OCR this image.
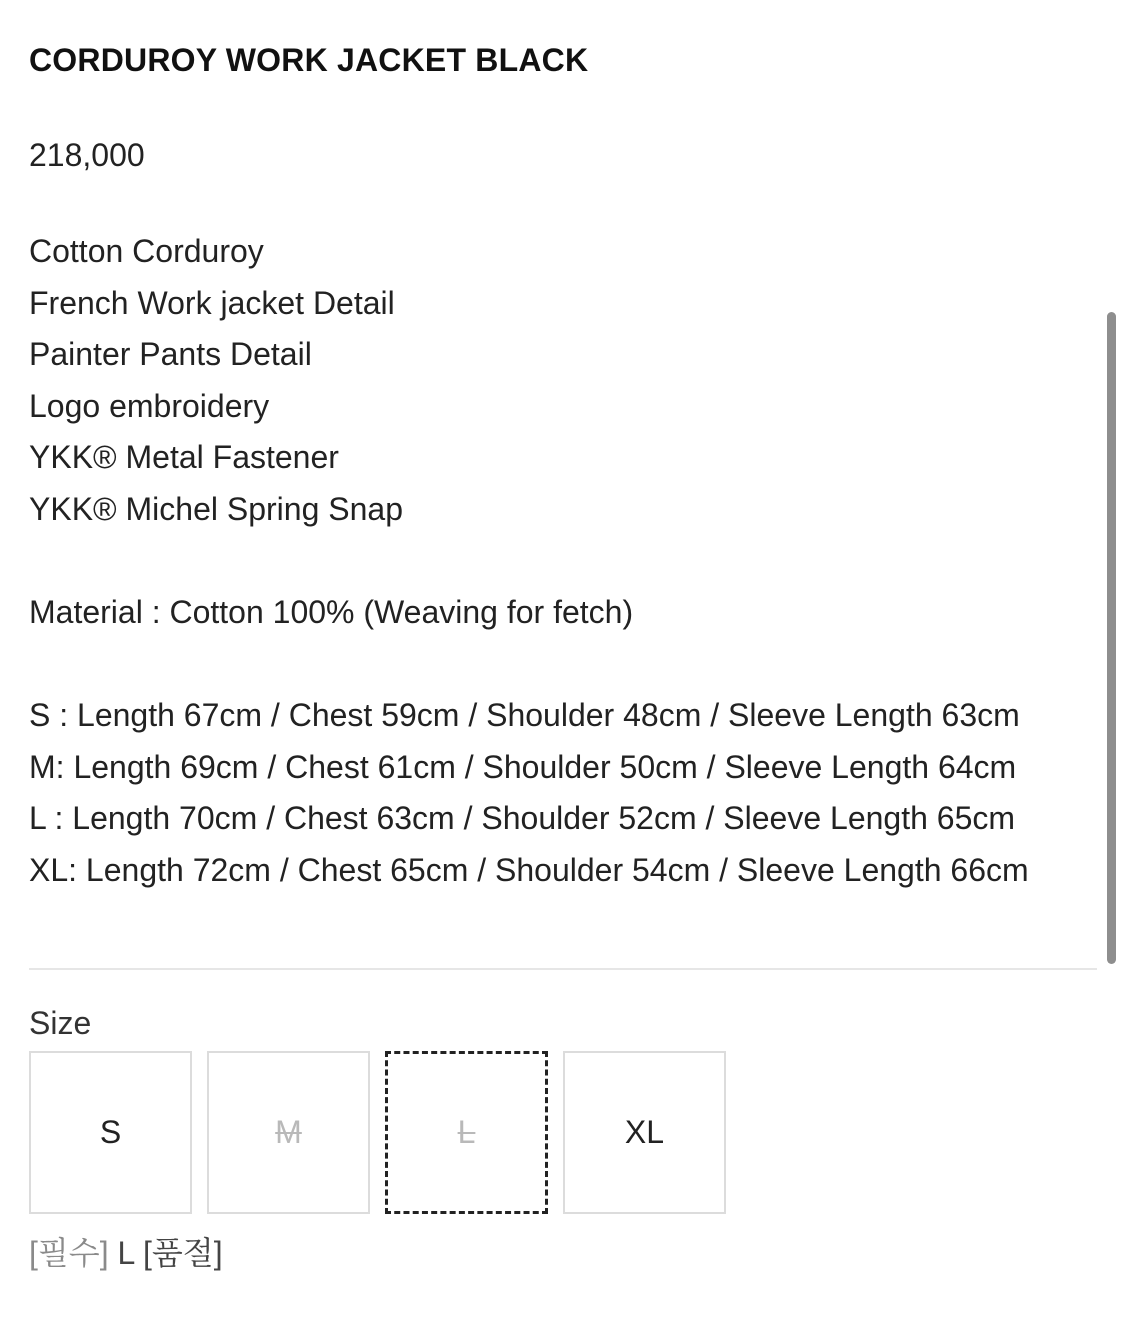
CORDUROY WORK JACKET BLACK
218,000
Cotton Corduroy
French Work jacket Detail
Painter Pants Detail
Logo embroidery
YKK® Metal Fastener
YKK® Michel Spring Snap
Material : Cotton 100% (Weaving for fetch)
S : Length 67cm / Chest 59cm / Shoulder 48cm / Sleeve Length 63cm
M: Length 69cm / Chest 61cm / Shoulder 50cm / Sleeve Length 64cm
L : Length 70cm / Chest 63cm / Shoulder 52cm / Sleeve Length 65cm
XL: Length 72cm / Chest 65cm / Shoulder 54cm / Sleeve Length 66cm
Size
S	M	L	XL
[필수] L [품절]
